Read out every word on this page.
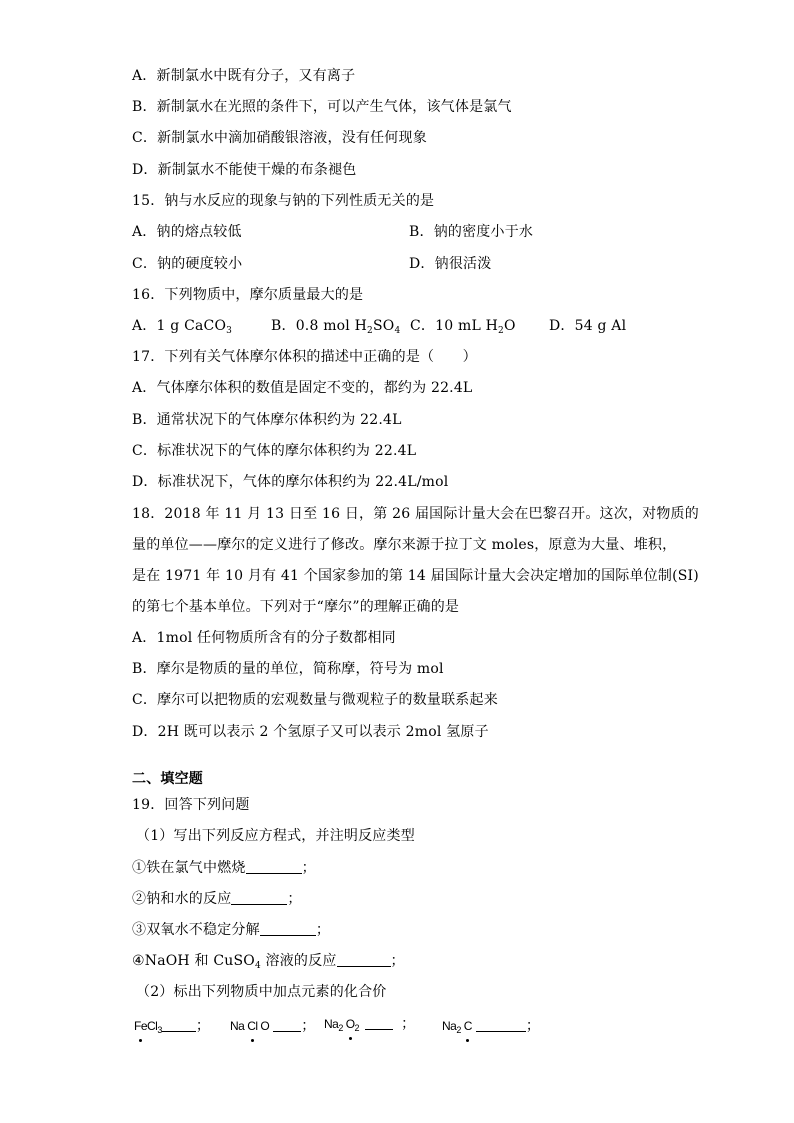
A．新制氯水中既有分子，又有离子
B．新制氯水在光照的条件下，可以产生气体，该气体是氯气
C．新制氯水中滴加硝酸银溶液，没有任何现象
D．新制氯水不能使干燥的布条褪色
15．钠与水反应的现象与钠的下列性质无关的是
A．钠的熔点较低	B．钠的密度小于水
C．钠的硬度较小	D．钠很活泼
16．下列物质中，摩尔质量最大的是
A．1 g CaCO$_3$	B．0.8 mol $H_2SO_4$ C．10 mL $H_2O$ D．54 g Al
17．下列有关气体摩尔体积的描述中正确的是（　　）
A．气体摩尔体积的数值是固定不变的，都约为 22.4L
B．通常状况下的气体摩尔体积约为 22.4L
C．标准状况下的气体的摩尔体积约为 22.4L
D．标准状况下，气体的摩尔体积约为 22.4L/mol
18．2018 年 11 月 13 日至 16 日，第 26 届国际计量大会在巴黎召开。这次，对物质的
量的单位——摩尔的定义进行了修改。摩尔来源于拉丁文 moles，原意为大量、堆积，
是在 1971 年 10 月有 41 个国家参加的第 14 届国际计量大会决定增加的国际单位制(SI)
的第七个基本单位。下列对于“摩尔”的理解正确的是
A．1mol 任何物质所含有的分子数都相同
B．摩尔是物质的量的单位，简称摩，符号为 mol
C．摩尔可以把物质的宏观数量与微观粒子的数量联系起来
D．2H 既可以表示 2 个氢原子又可以表示 2mol 氢原子
二、填空题
19．回答下列问题
（1）写出下列反应方程式，并注明反应类型
①铁在氯气中燃烧	；
②钠和水的反应	；
③双氧水不稳定分解	；
④NaOH 和 CuSO$_4$ 溶液的反应	；
（2）标出下列物质中加点元素的化合价
FeCl$_3$ ； Na Cl O ； $Na_2$ $O_2$	； $Na_2$ C	；
